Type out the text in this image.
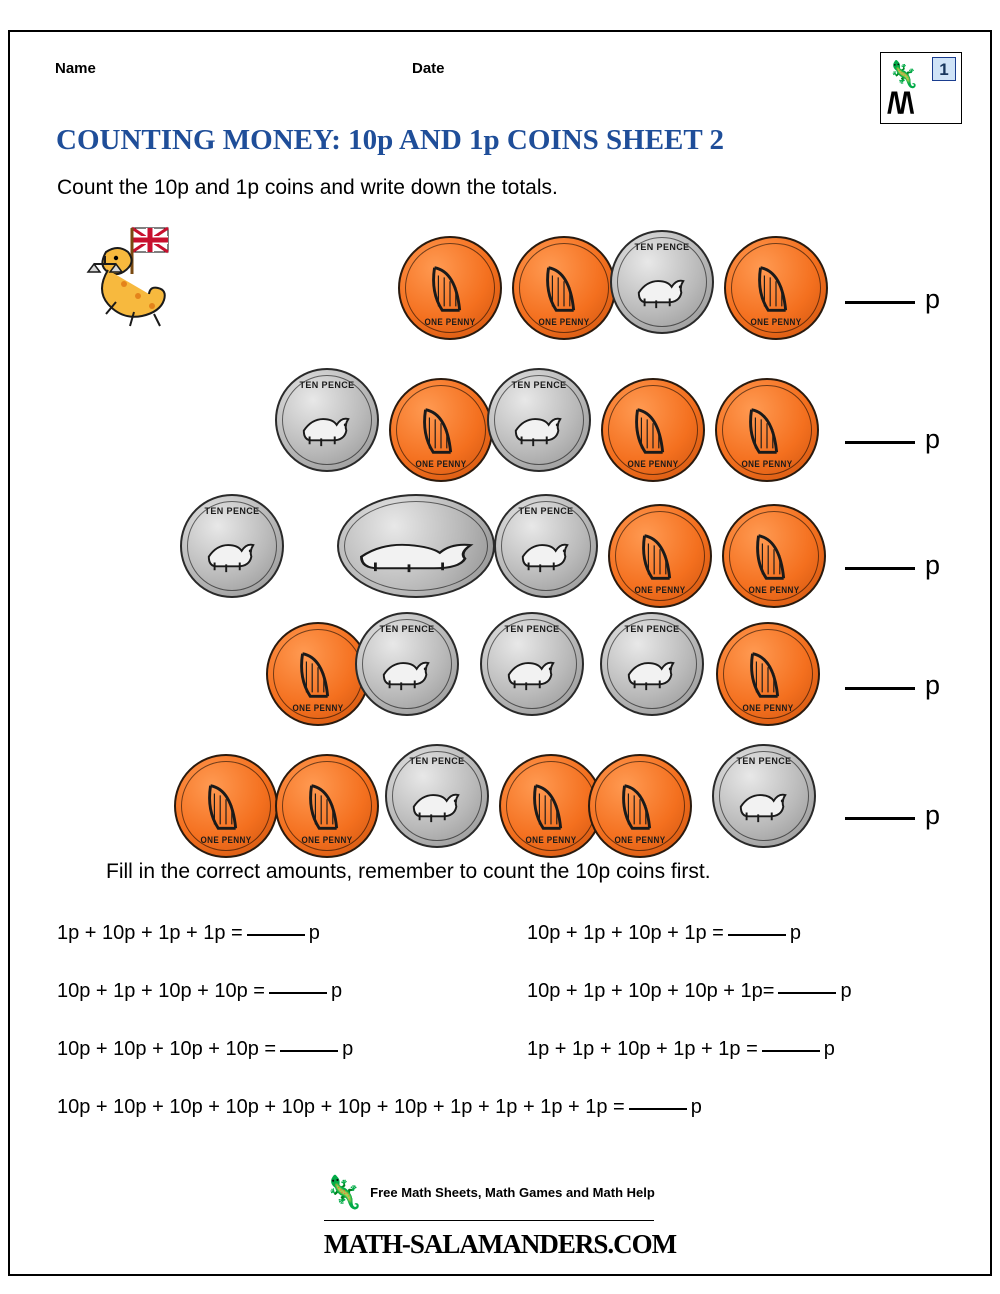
Name	Date	🦎	1
/\/\
COUNTING MONEY: 10p AND 1p COINS SHEET 2
Count the 10p and 1p coins and write down the totals.
ONE PENNY	ONE PENNY
TEN PENCE
ONE PENNY
p
TEN PENCE
ONE PENNY
TEN PENCE
ONE PENNY	ONE PENNY
p
TEN PENCE	TEN PENCE
ONE PENNY	ONE PENNY
p
ONE PENNY
TEN PENCE	TEN PENCE	TEN PENCE
ONE PENNY
p
ONE PENNY	ONE PENNY
TEN PENCE
ONE PENNY	ONE PENNY
TEN PENCE
p
Fill in the correct amounts, remember to count the 10p coins first.
1p + 10p + 1p + 1p =	p	10p + 1p + 10p + 1p =	p
10p + 1p + 10p + 10p =	p	10p + 1p + 10p + 10p + 1p=	p
10p + 10p + 10p + 10p =	p	1p + 1p + 10p + 1p + 1p =	p
10p + 10p + 10p + 10p + 10p + 10p + 10p + 1p + 1p + 1p + 1p =	p
🦎 Free Math Sheets, Math Games and Math Help
MATH-SALAMANDERS.COM
